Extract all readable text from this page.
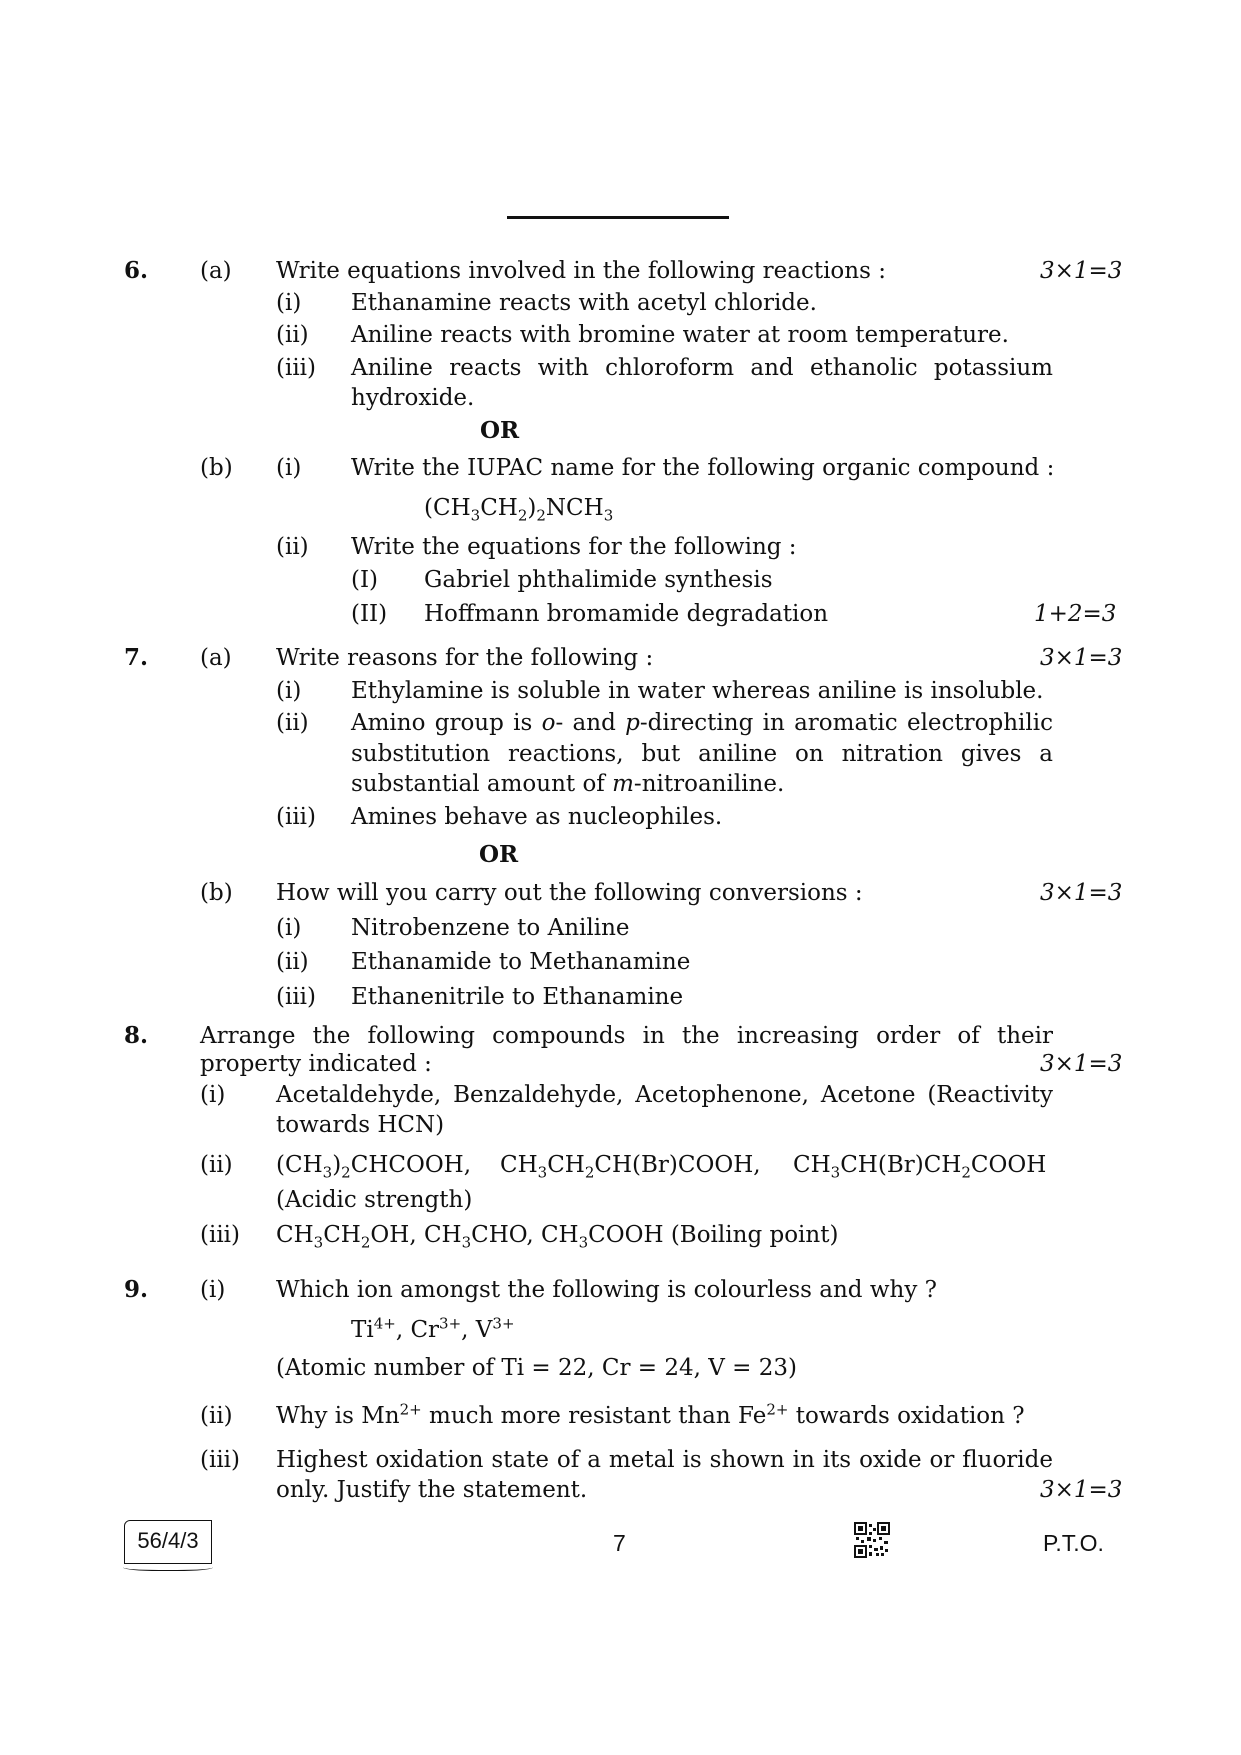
6. (a) Write equations involved in the following reactions :	3×1=3
(i) Ethanamine reacts with acetyl chloride.
(ii) Aniline reacts with bromine water at room temperature.
(iii) Aniline reacts with chloroform and ethanolic potassium
hydroxide.
OR
(b) (i) Write the IUPAC name for the following organic compound :
$(CH_3CH_2)_2NCH_3$
(ii) Write the equations for the following :
(I) Gabriel phthalimide synthesis
(II) Hoffmann bromamide degradation	1+2=3
7. (a) Write reasons for the following :	3×1=3
(i) Ethylamine is soluble in water whereas aniline is insoluble.
(ii) Amino group is o- and p-directing in aromatic electrophilic
substitution reactions, but aniline on nitration gives a
substantial amount of m-nitroaniline.
(iii) Amines behave as nucleophiles.
OR
(b) How will you carry out the following conversions :	3×1=3
(i) Nitrobenzene to Aniline
(ii) Ethanamide to Methanamine
(iii) Ethanenitrile to Ethanamine
8. Arrange the following compounds in the increasing order of their
property indicated :	3×1=3
(i) Acetaldehyde, Benzaldehyde, Acetophenone, Acetone (Reactivity
towards HCN)
(ii) $(CH_3)_2CHCOOH$, $CH_3CH_2CH(Br)COOH$, $CH_3CH(Br)CH_2COOH$
(Acidic strength)
(iii) $CH_3CH_2OH$, $CH_3CHO$, $CH_3COOH$ (Boiling point)
9. (i) Which ion amongst the following is colourless and why ?
$Ti^{4+}$, $Cr^{3+}$, $V^{3+}$
(Atomic number of Ti = 22, Cr = 24, V = 23)
(ii) Why is $Mn^{2+}$ much more resistant than $Fe^{2+}$ towards oxidation ?
(iii) Highest oxidation state of a metal is shown in its oxide or fluoride
only. Justify the statement.	3×1=3
56/4/3	7	P.T.O.
